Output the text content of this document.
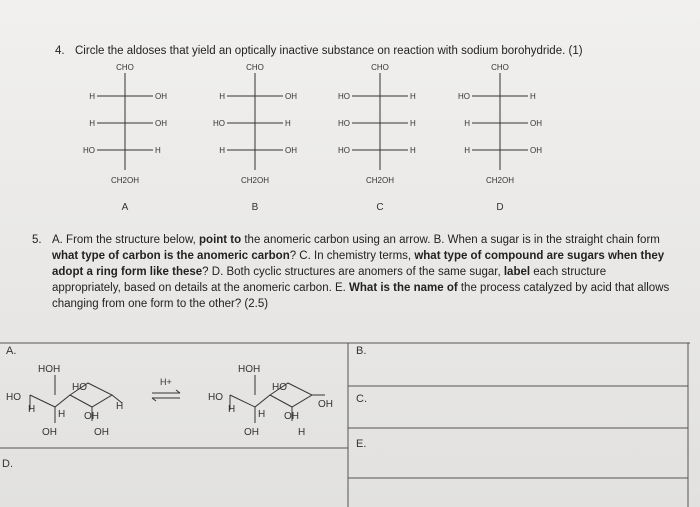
4. Circle the aldoses that yield an optically inactive substance on reaction with sodium borohydride. (1)
CHO
H	OH
H	OH
HO	H
CH2OH
A
CHO
H	OH
HO	H
H	OH
CH2OH
B
CHO
HO	H
HO	H
HO	H
CH2OH
C
CHO
HO	H
H	OH
H	OH
CH2OH
D
5. A. From the structure below, point to the anomeric carbon using an arrow. B. When a sugar is in the straight chain form what type of carbon is the anomeric carbon? C. In chemistry terms, what type of compound are sugars when they adopt a ring form like these? D. Both cyclic structures are anomers of the same sugar, label each structure appropriately, based on details at the anomeric carbon. E. What is the name of the process catalyzed by acid that allows changing from one form to the other? (2.5)
A.	B.
C.
D.
E.
HOH
HO
HO
H H OH
H
OH	OH
H+
HOH
HO
HO
OH
H H OH
OH	H
